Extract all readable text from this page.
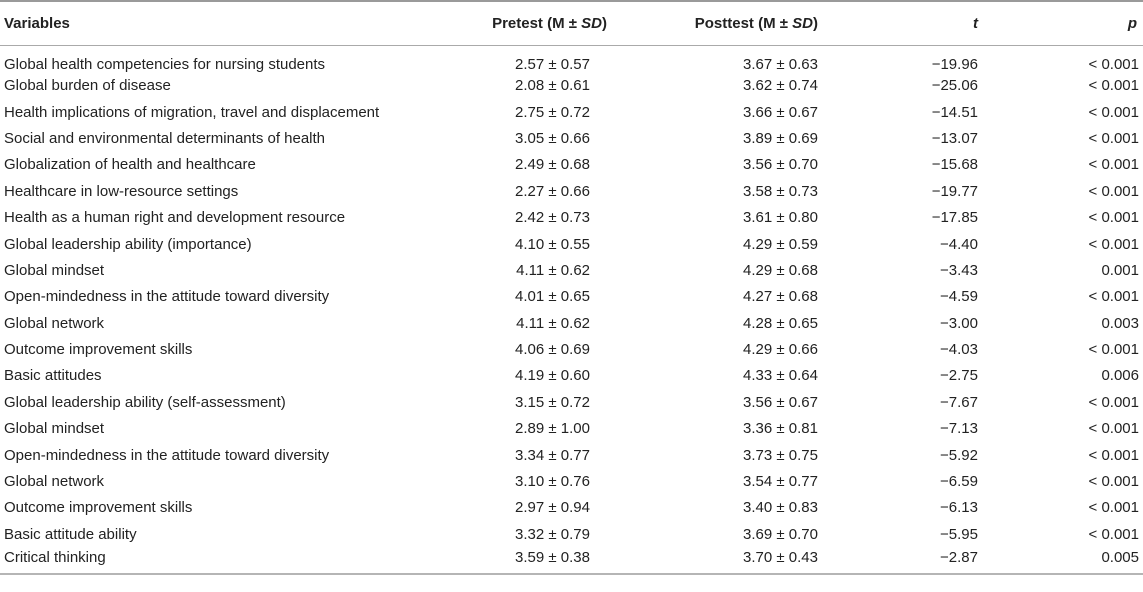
Variables	Pretest (M ± SD)	Posttest (M ± SD)	t	p
Global health competencies for nursing students	2.57 ± 0.57	3.67 ± 0.63	−19.96	< 0.001
Global burden of disease	2.08 ± 0.61	3.62 ± 0.74	−25.06	< 0.001
Health implications of migration, travel and displacement	2.75 ± 0.72	3.66 ± 0.67	−14.51	< 0.001
Social and environmental determinants of health	3.05 ± 0.66	3.89 ± 0.69	−13.07	< 0.001
Globalization of health and healthcare	2.49 ± 0.68	3.56 ± 0.70	−15.68	< 0.001
Healthcare in low-resource settings	2.27 ± 0.66	3.58 ± 0.73	−19.77	< 0.001
Health as a human right and development resource	2.42 ± 0.73	3.61 ± 0.80	−17.85	< 0.001
Global leadership ability (importance)	4.10 ± 0.55	4.29 ± 0.59	−4.40	< 0.001
Global mindset	4.11 ± 0.62	4.29 ± 0.68	−3.43	0.001
Open-mindedness in the attitude toward diversity	4.01 ± 0.65	4.27 ± 0.68	−4.59	< 0.001
Global network	4.11 ± 0.62	4.28 ± 0.65	−3.00	0.003
Outcome improvement skills	4.06 ± 0.69	4.29 ± 0.66	−4.03	< 0.001
Basic attitudes	4.19 ± 0.60	4.33 ± 0.64	−2.75	0.006
Global leadership ability (self-assessment)	3.15 ± 0.72	3.56 ± 0.67	−7.67	< 0.001
Global mindset	2.89 ± 1.00	3.36 ± 0.81	−7.13	< 0.001
Open-mindedness in the attitude toward diversity	3.34 ± 0.77	3.73 ± 0.75	−5.92	< 0.001
Global network	3.10 ± 0.76	3.54 ± 0.77	−6.59	< 0.001
Outcome improvement skills	2.97 ± 0.94	3.40 ± 0.83	−6.13	< 0.001
Basic attitude ability	3.32 ± 0.79	3.69 ± 0.70	−5.95	< 0.001
Critical thinking	3.59 ± 0.38	3.70 ± 0.43	−2.87	0.005
